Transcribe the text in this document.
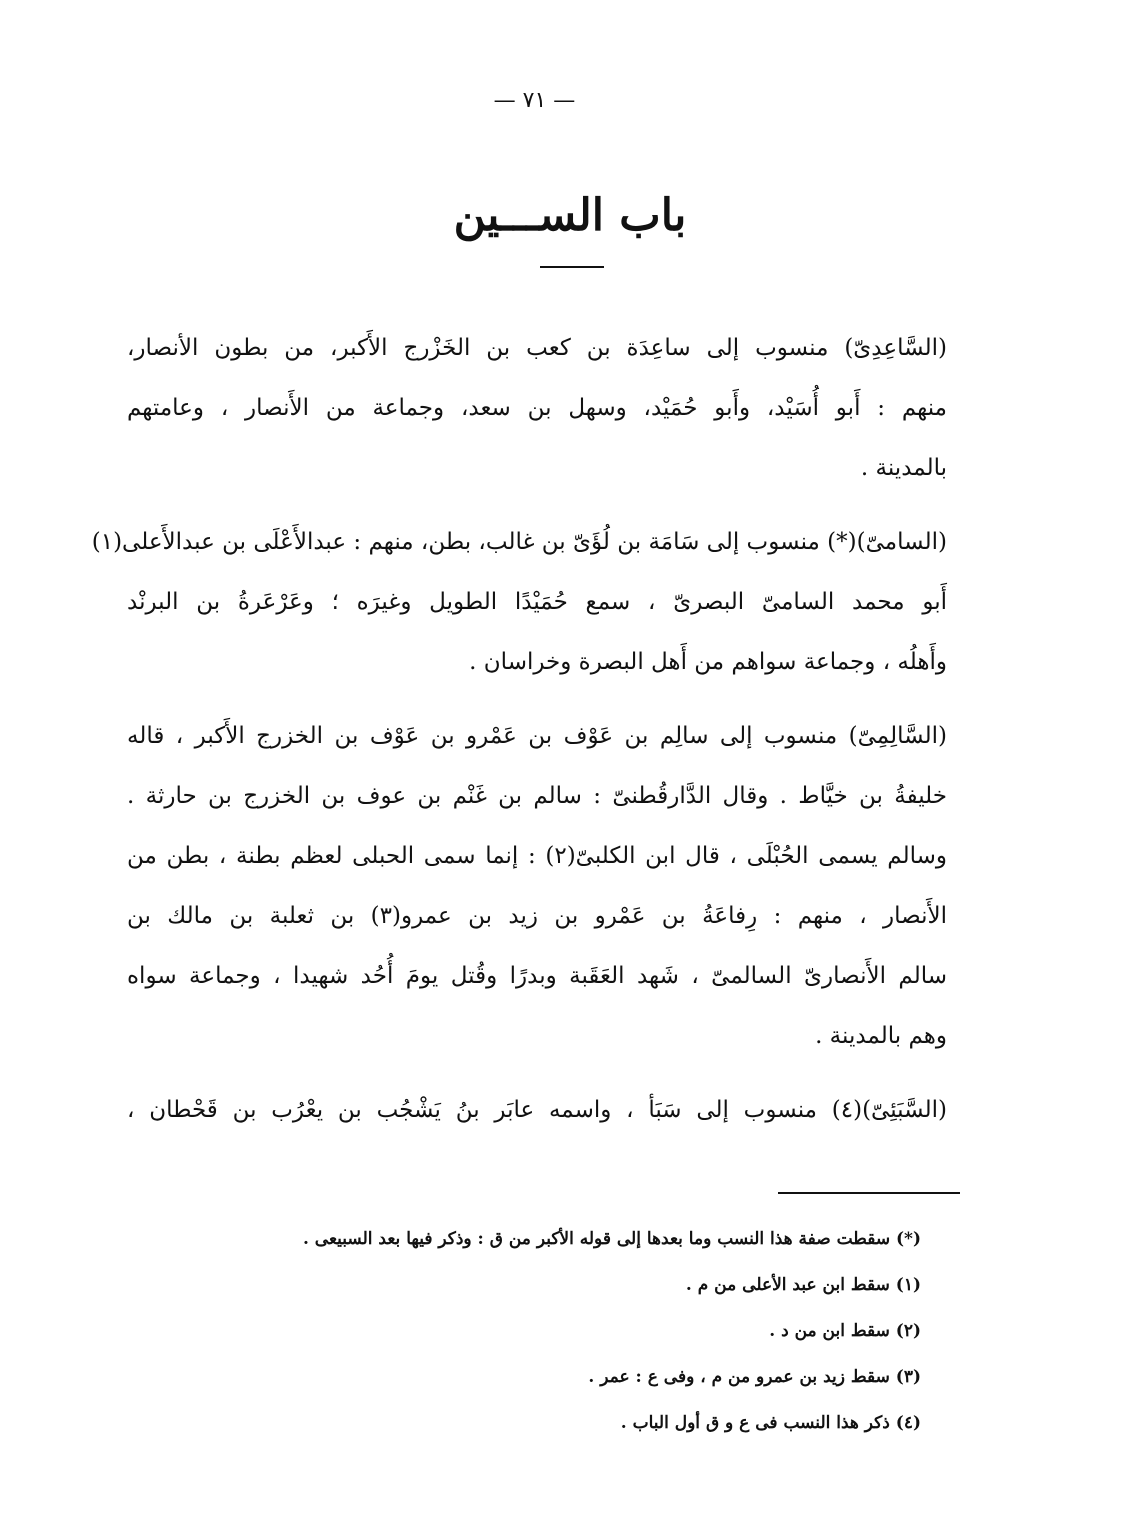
— ٧١ —
باب الســـين
(السَّاعِدِىّ) منسوب إلى ساعِدَة بن كعب بن الخَزْرج الأَكبر، من بطون الأنصار،
منهم : أَبو أُسَيْد، وأَبو حُمَيْد، وسهل بن سعد، وجماعة من الأَنصار ، وعامتهم
بالمدينة .
(السامىّ)(*) منسوب إلى سَامَة بن لُؤَىّ بن غالب، بطن، منهم : عبدالأَعْلَى بن عبدالأَعلى(١)
أَبو محمد السامىّ البصرىّ ، سمع حُمَيْدًا الطويل وغيرَه ؛ وعَرْعَرةُ بن البرنْد
وأَهلُه ، وجماعة سواهم من أَهل البصرة وخراسان .
(السَّالِمِىّ) منسوب إلى سالِم بن عَوْف بن عَمْرو بن عَوْف بن الخزرج الأَكبر ، قاله
خليفةُ بن خيَّاط . وقال الدَّارقُطنىّ : سالم بن غَنْم بن عوف بن الخزرج بن حارثة .
وسالم يسمى الحُبْلَى ، قال ابن الكلبىّ(٢) : إنما سمى الحبلى لعظم بطنة ، بطن من
الأَنصار ، منهم : رِفاعَةُ بن عَمْرو بن زيد بن عمرو(٣) بن ثعلبة بن مالك بن
سالم الأَنصارىّ السالمىّ ، شَهد العَقَبة وبدرًا وقُتل يومَ أُحُد شهيدا ، وجماعة سواه
وهم بالمدينة .
(السَّبَئِىّ)(٤) منسوب إلى سَبَأ ، واسمه عابَر بنُ يَشْجُب بن يعْرُب بن قَحْطان ،
(*) سقطت صفة هذا النسب وما بعدها إلى قوله الأكبر من ق : وذكر فيها بعد السبيعى .
(١) سقط ابن عبد الأعلى من م .
(٢) سقط ابن من د .
(٣) سقط زيد بن عمرو من م ، وفى ع : عمر .
(٤) ذكر هذا النسب فى ع و ق أول الباب .
